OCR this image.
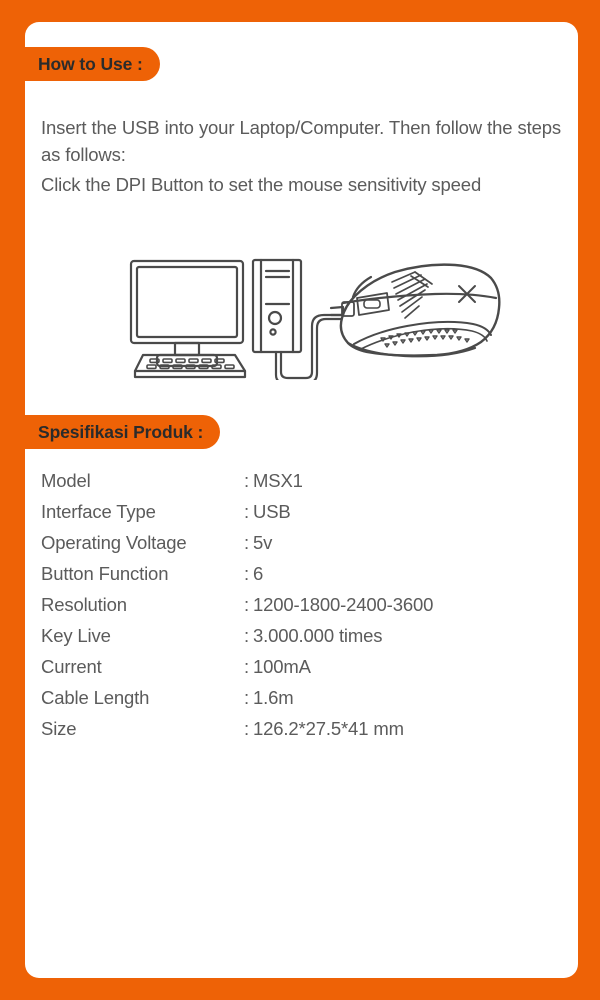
How to Use :

Insert the USB into your Laptop/Computer. Then follow the steps as follows:

Click the DPI Button to set the mouse sensitivity speed

Spesifikasi Produk :
Model	: MSX1
Interface Type	: USB
Operating Voltage	: 5v
Button Function	: 6
Resolution	: 1200-1800-2400-3600
Key Live	: 3.000.000 times
Current	: 100mA
Cable Length	: 1.6m
Size	: 126.2*27.5*41 mm
